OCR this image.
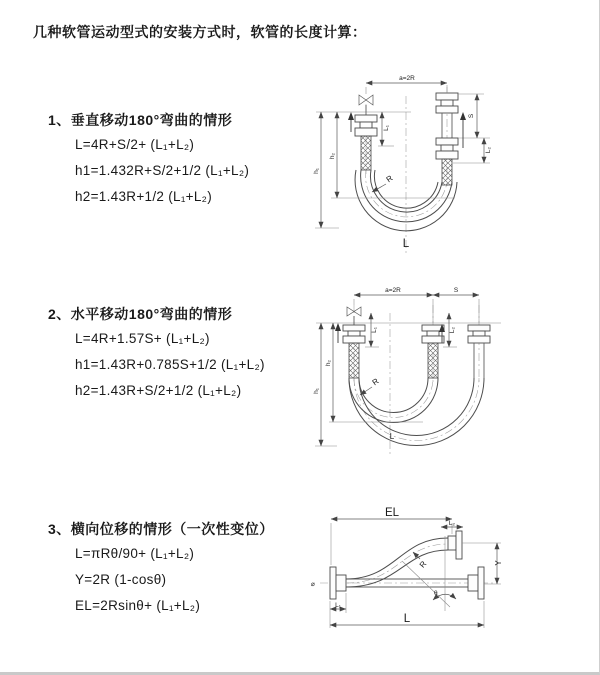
几种软管运动型式的安装方式时，软管的长度计算：
1、垂直移动180°弯曲的情形
L=4R+S/2+ (L₁+L₂)
h1=1.432R+S/2+1/2 (L₁+L₂)
h2=1.43R+1/2 (L₁+L₂)
2、水平移动180°弯曲的情形
L=4R+1.57S+ (L₁+L₂)
h1=1.43R+0.785S+1/2 (L₁+L₂)
h2=1.43R+S/2+1/2 (L₁+L₂)
3、横向位移的情形（一次性变位）
L=πRθ/90+ (L₁+L₂)
Y=2R (1-cosθ)
EL=2Rsinθ+ (L₁+L₂)
a=2R
S
L₂
h₁
h₂
L₁
R
L
a=2R	S
h₁
h₂
L₁	L₂
R
L
⌀
θ
R
EL
L₂
Y
L₁
L
